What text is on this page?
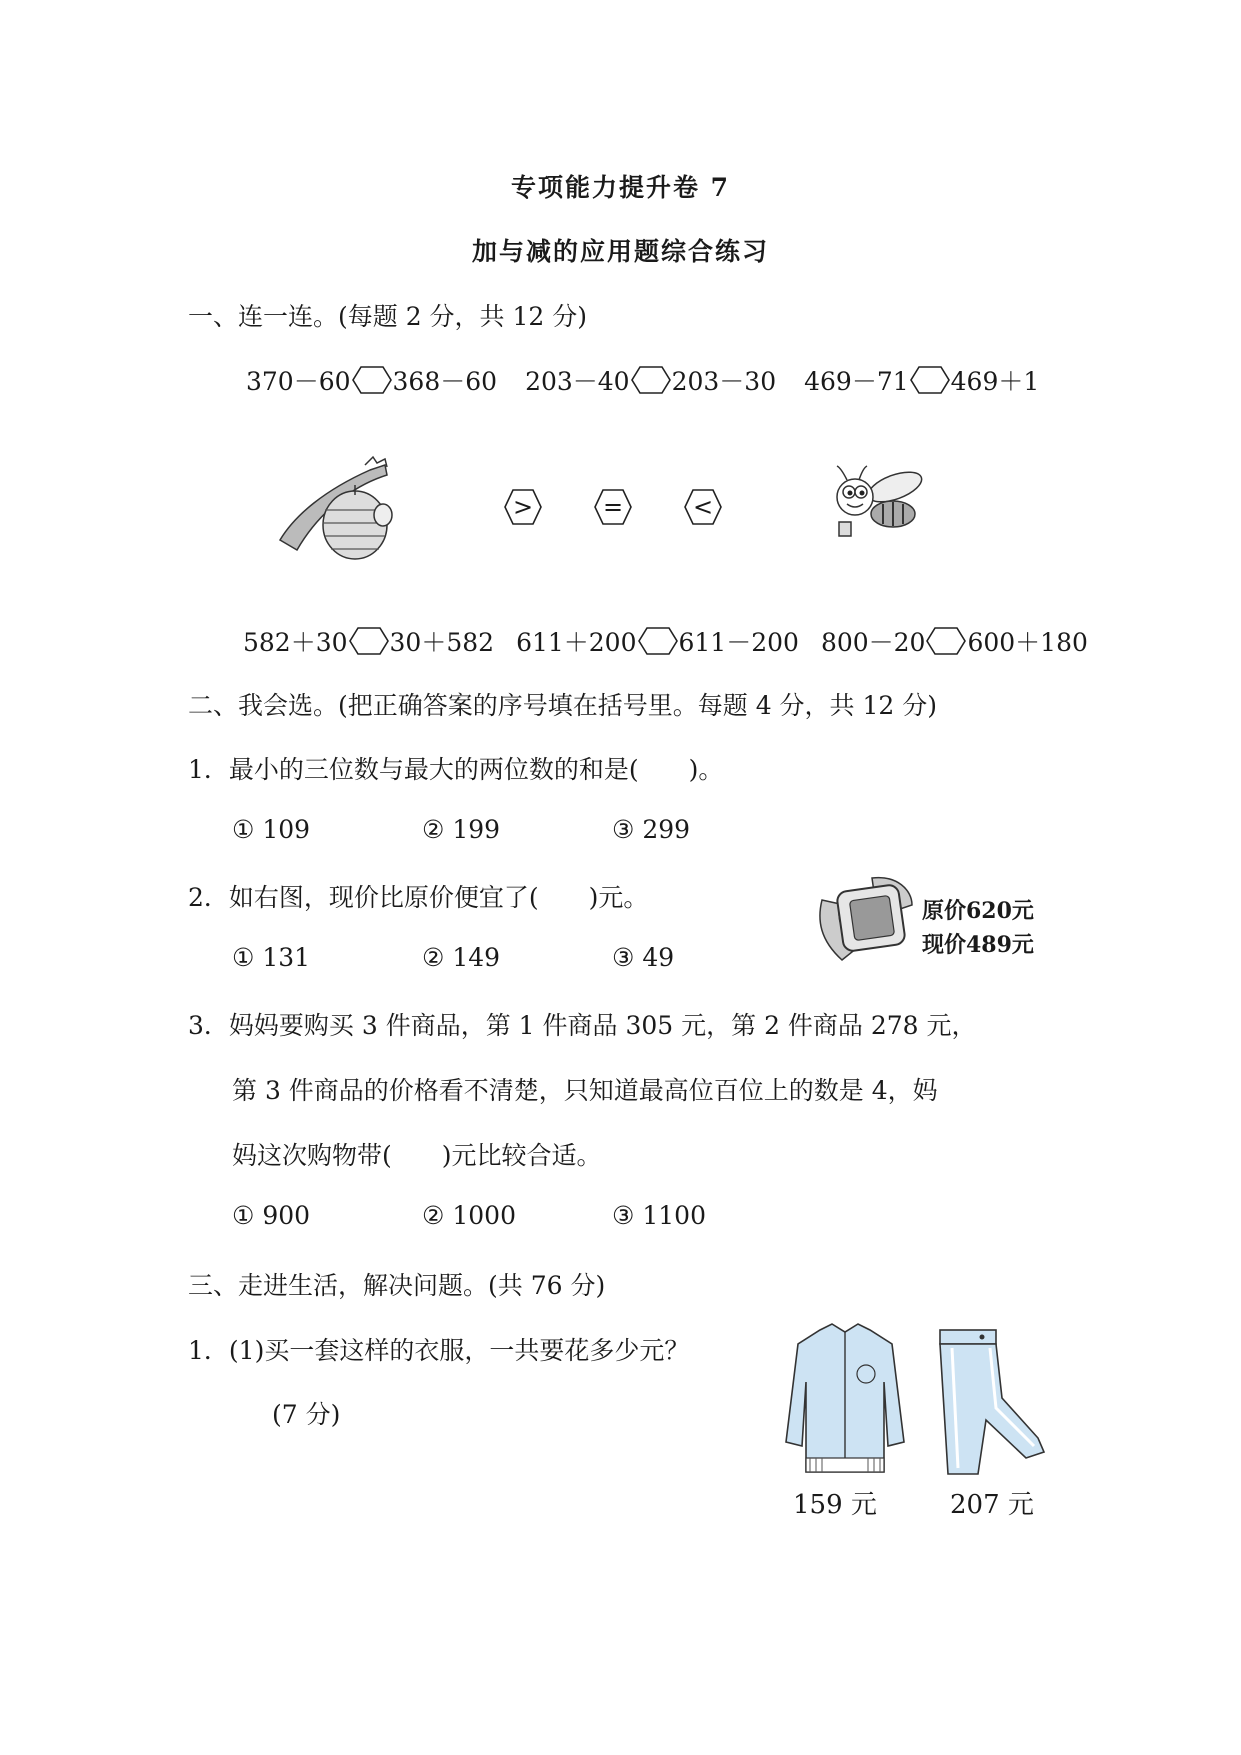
专项能力提升卷 7
加与减的应用题综合练习
一、连一连。(每题 2 分，共 12 分)
370－60 368－60 203－40 203－30 469－71 469＋1
>	=	<
582＋30 30＋582 611＋200 611－200 800－20 600＋180
二、我会选。(把正确答案的序号填在括号里。每题 4 分，共 12 分)
1．最小的三位数与最大的两位数的和是(　　)。
① 109	② 199	③ 299
2．如右图，现价比原价便宜了(　　)元。
① 131	② 149	③ 49
原价620元
现价489元
3．妈妈要购买 3 件商品，第 1 件商品 305 元，第 2 件商品 278 元，
第 3 件商品的价格看不清楚，只知道最高位百位上的数是 4，妈
妈这次购物带(　　)元比较合适。
① 900	② 1000	③ 1100
三、走进生活，解决问题。(共 76 分)
1．(1)买一套这样的衣服，一共要花多少元？
(7 分)
159 元	207 元
